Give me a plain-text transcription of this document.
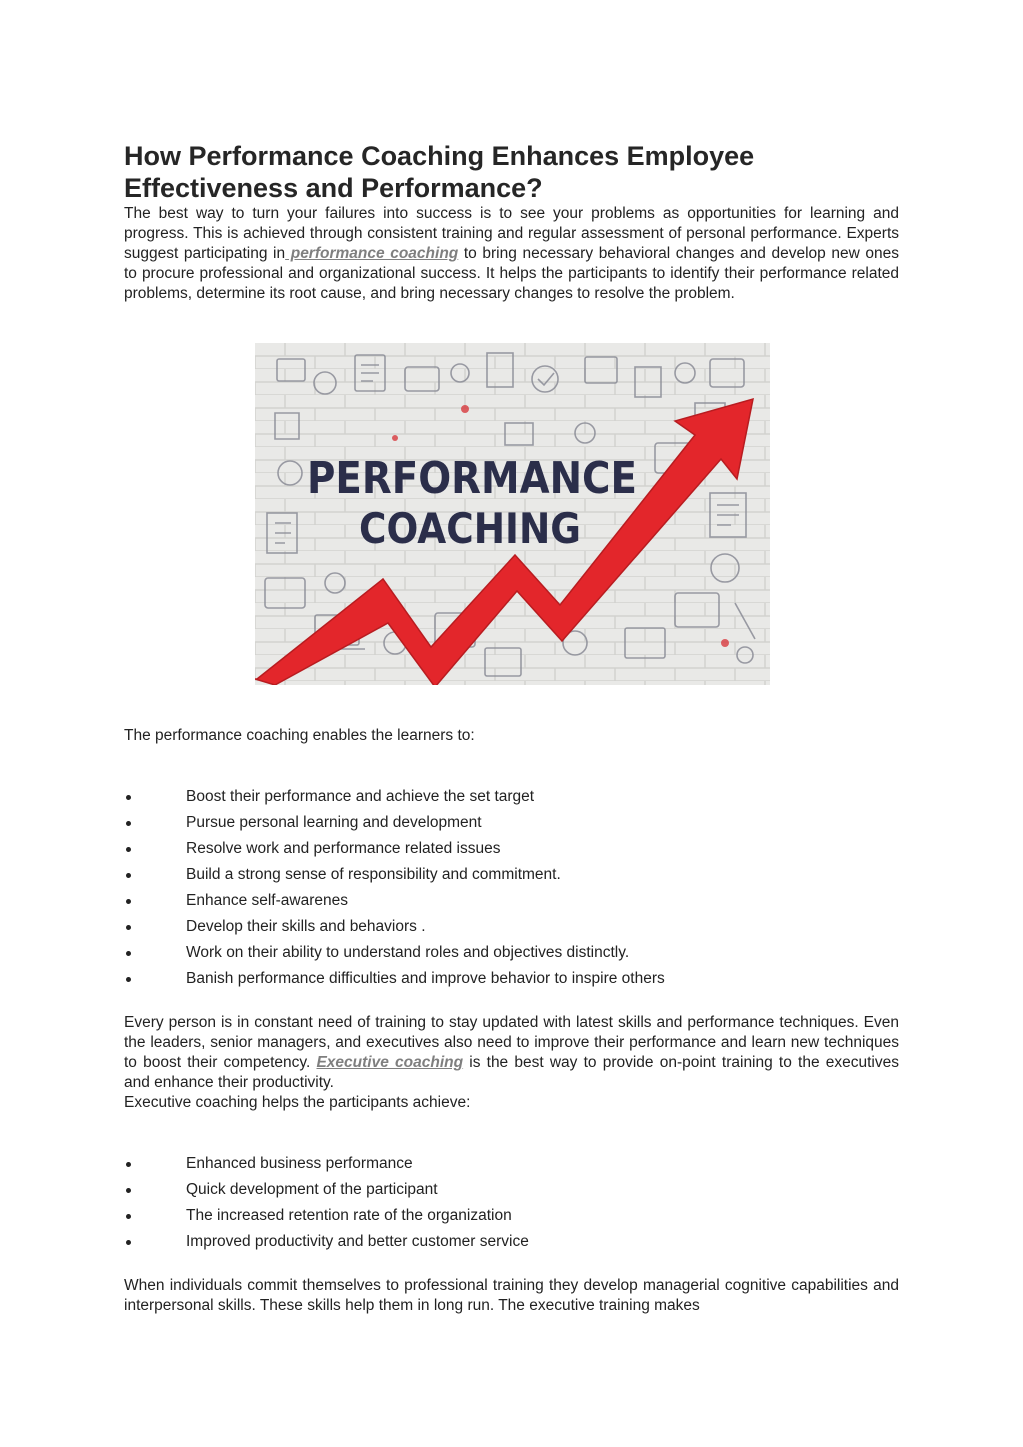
How Performance Coaching Enhances Employee Effectiveness and Performance?

The best way to turn your failures into success is to see your problems as opportunities for learning and progress. This is achieved through consistent training and regular assessment of personal performance. Experts suggest participating in performance coaching to bring necessary behavioral changes and develop new ones to procure professional and organizational success. It helps the participants to identify their performance related problems, determine its root cause, and bring necessary changes to resolve the problem.

PERFORMANCE
COACHING
The performance coaching enables the learners to:
Boost their performance and achieve the set target
Pursue personal learning and development
Resolve work and performance related issues
Build a strong sense of responsibility and commitment.
Enhance self-awarenes
Develop their skills and behaviors .
Work on their ability to understand roles and objectives distinctly.
Banish performance difficulties and improve behavior to inspire others

Every person is in constant need of training to stay updated with latest skills and performance techniques. Even the leaders, senior managers, and executives also need to improve their performance and learn new techniques to boost their competency. Executive coaching is the best way to provide on-point training to the executives and enhance their productivity.

Executive coaching helps the participants achieve:

Enhanced business performance
Quick development of the participant
The increased retention rate of the organization
Improved productivity and better customer service

When individuals commit themselves to professional training they develop managerial cognitive capabilities and interpersonal skills. These skills help them in long run. The executive training makes
